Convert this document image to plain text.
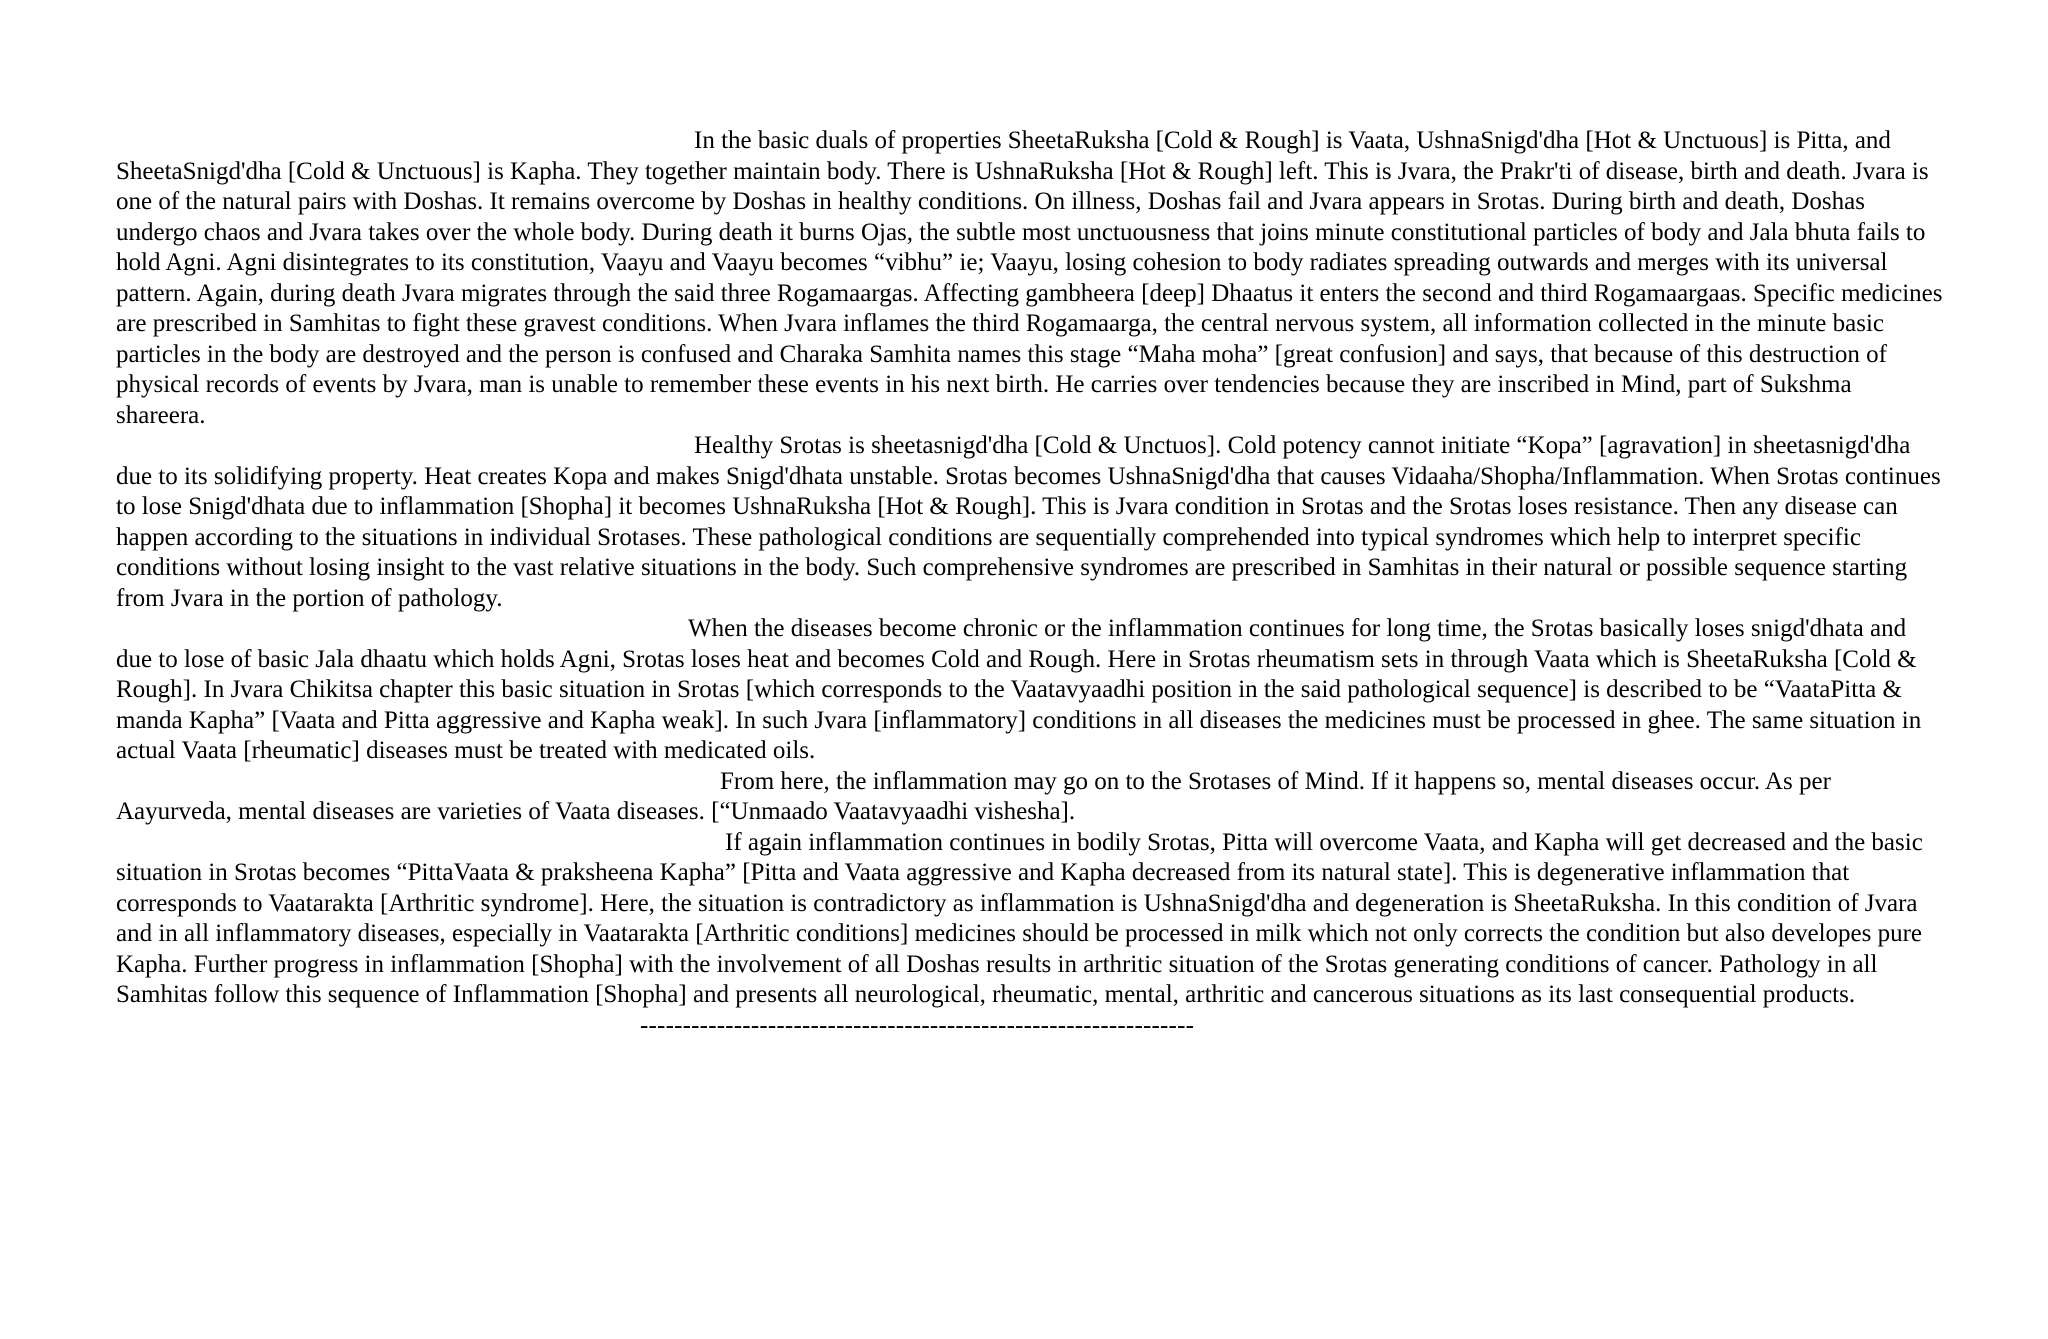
In the basic duals of properties SheetaRuksha [Cold & Rough] is Vaata, UshnaSnigd'dha [Hot & Unctuous] is Pitta, and SheetaSnigd'dha [Cold & Unctuous] is Kapha. They together maintain body. There is UshnaRuksha [Hot & Rough] left. This is Jvara, the Prakr'ti of disease, birth and death. Jvara is one of the natural pairs with Doshas. It remains overcome by Doshas in healthy conditions. On illness, Doshas fail and Jvara appears in Srotas. During birth and death, Doshas undergo chaos and Jvara takes over the whole body. During death it burns Ojas, the subtle most unctuousness that joins minute constitutional particles of body and Jala bhuta fails to hold Agni. Agni disintegrates to its constitution, Vaayu and Vaayu becomes “vibhu” ie; Vaayu, losing cohesion to body radiates spreading outwards and merges with its universal pattern. Again, during death Jvara migrates through the said three Rogamaargas. Affecting gambheera [deep] Dhaatus it enters the second and third Rogamaargaas. Specific medicines are prescribed in Samhitas to fight these gravest conditions. When Jvara inflames the third Rogamaarga, the central nervous system, all information collected in the minute basic particles in the body are destroyed and the person is confused and Charaka Samhita names this stage “Maha moha” [great confusion] and says, that because of this destruction of physical records of events by Jvara, man is unable to remember these events in his next birth. He carries over tendencies because they are inscribed in Mind, part of Sukshma shareera.

Healthy Srotas is sheetasnigd'dha [Cold & Unctuos]. Cold potency cannot initiate “Kopa” [agravation] in sheetasnigd'dha due to its solidifying property. Heat creates Kopa and makes Snigd'dhata unstable. Srotas becomes UshnaSnigd'dha that causes Vidaaha/Shopha/Inflammation. When Srotas continues to lose Snigd'dhata due to inflammation [Shopha] it becomes UshnaRuksha [Hot & Rough]. This is Jvara condition in Srotas and the Srotas loses resistance. Then any disease can happen according to the situations in individual Srotases. These pathological conditions are sequentially comprehended into typical syndromes which help to interpret specific conditions without losing insight to the vast relative situations in the body. Such comprehensive syndromes are prescribed in Samhitas in their natural or possible sequence starting from Jvara in the portion of pathology.

When the diseases become chronic or the inflammation continues for long time, the Srotas basically loses snigd'dhata and due to lose of basic Jala dhaatu which holds Agni, Srotas loses heat and becomes Cold and Rough. Here in Srotas rheumatism sets in through Vaata which is SheetaRuksha [Cold & Rough]. In Jvara Chikitsa chapter this basic situation in Srotas [which corresponds to the Vaatavyaadhi position in the said pathological sequence] is described to be “VaataPitta & manda Kapha” [Vaata and Pitta aggressive and Kapha weak]. In such Jvara [inflammatory] conditions in all diseases the medicines must be processed in ghee. The same situation in actual Vaata [rheumatic] diseases must be treated with medicated oils.

From here, the inflammation may go on to the Srotases of Mind. If it happens so, mental diseases occur. As per Aayurveda, mental diseases are varieties of Vaata diseases. [“Unmaado Vaatavyaadhi vishesha].

If again inflammation continues in bodily Srotas, Pitta will overcome Vaata, and Kapha will get decreased and the basic situation in Srotas becomes “PittaVaata & praksheena Kapha” [Pitta and Vaata aggressive and Kapha decreased from its natural state]. This is degenerative inflammation that corresponds to Vaatarakta [Arthritic syndrome]. Here, the situation is contradictory as inflammation is UshnaSnigd'dha and degeneration is SheetaRuksha. In this condition of Jvara and in all inflammatory diseases, especially in Vaatarakta [Arthritic conditions] medicines should be processed in milk which not only corrects the condition but also developes pure Kapha. Further progress in inflammation [Shopha] with the involvement of all Doshas results in arthritic situation of the Srotas generating conditions of cancer. Pathology in all Samhitas follow this sequence of Inflammation [Shopha] and presents all neurological, rheumatic, mental, arthritic and cancerous situations as its last consequential products.

-----------------------------------------------------------------
